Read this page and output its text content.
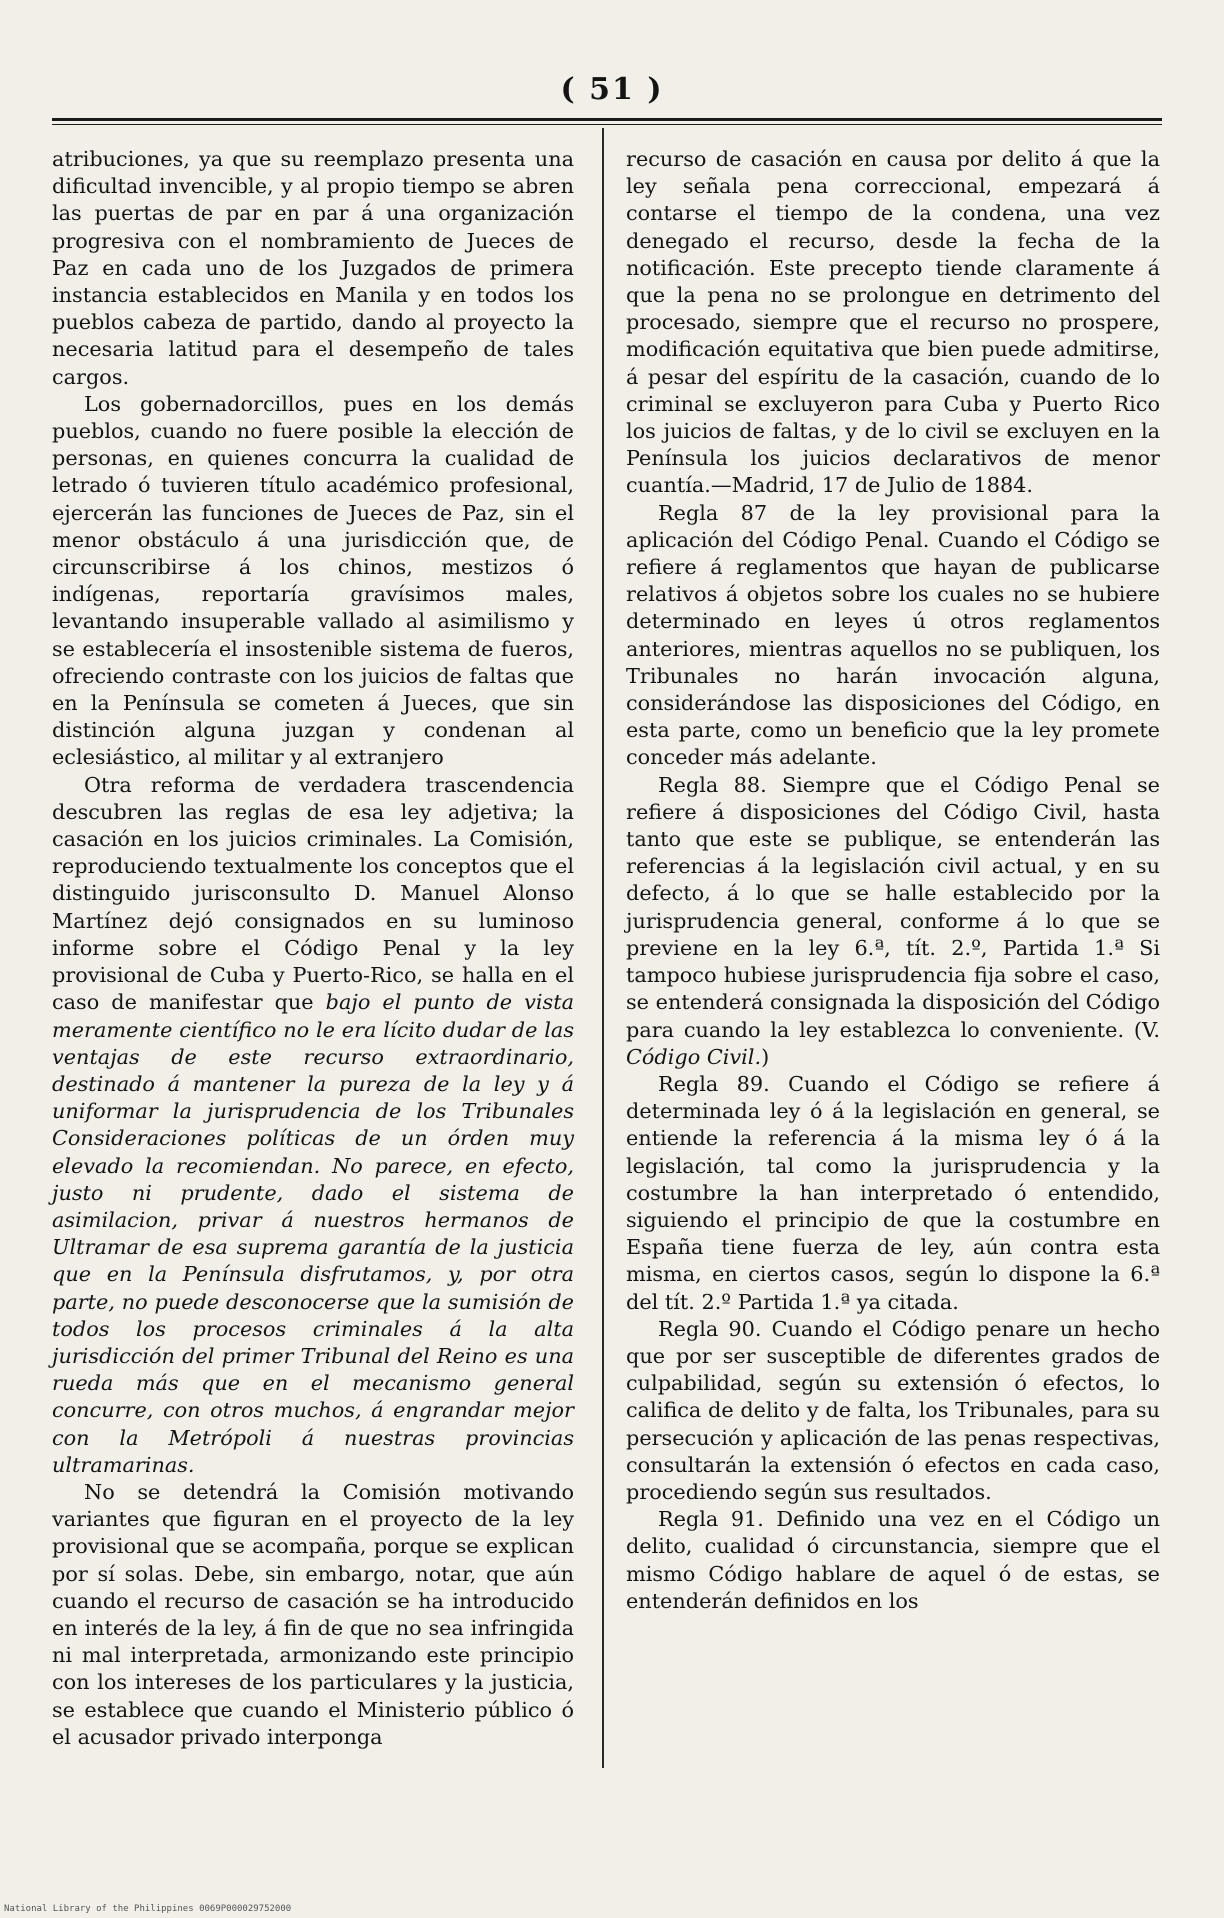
( 51 )

atribuciones, ya que su reemplazo presenta una dificultad invencible, y al propio tiempo se abren las puertas de par en par á una organización progresiva con el nombramiento de Jueces de Paz en cada uno de los Juzgados de primera instancia establecidos en Manila y en todos los pueblos cabeza de partido, dando al proyecto la necesaria latitud para el desempeño de tales cargos.

Los gobernadorcillos, pues en los demás pueblos, cuando no fuere posible la elección de personas, en quienes concurra la cualidad de letrado ó tuvieren título académico profesional, ejercerán las funciones de Jueces de Paz, sin el menor obstáculo á una jurisdicción que, de circunscribirse á los chinos, mestizos ó indígenas, reportaría gravísimos males, levantando insuperable vallado al asimilismo y se establecería el insostenible sistema de fueros, ofreciendo contraste con los juicios de faltas que en la Península se cometen á Jueces, que sin distinción alguna juzgan y condenan al eclesiástico, al militar y al extranjero

Otra reforma de verdadera trascendencia descubren las reglas de esa ley adjetiva; la casación en los juicios criminales. La Comisión, reproduciendo textualmente los conceptos que el distinguido jurisconsulto D. Manuel Alonso Martínez dejó consignados en su luminoso informe sobre el Código Penal y la ley provisional de Cuba y Puerto-Rico, se halla en el caso de manifestar que bajo el punto de vista meramente científico no le era lícito dudar de las ventajas de este recurso extraordinario, destinado á mantener la pureza de la ley y á uniformar la jurisprudencia de los Tribunales Consideraciones políticas de un órden muy elevado la recomiendan. No parece, en efecto, justo ni prudente, dado el sistema de asimilacion, privar á nuestros hermanos de Ultramar de esa suprema garantía de la justicia que en la Península disfrutamos, y, por otra parte, no puede desconocerse que la sumisión de todos los procesos criminales á la alta jurisdicción del primer Tribunal del Reino es una rueda más que en el mecanismo general concurre, con otros muchos, á engrandar mejor con la Metrópoli á nuestras provincias ultramarinas.

No se detendrá la Comisión motivando variantes que figuran en el proyecto de la ley provisional que se acompaña, porque se explican por sí solas. Debe, sin embargo, notar, que aún cuando el recurso de casación se ha introducido en interés de la ley, á fin de que no sea infringida ni mal interpretada, armonizando este principio con los intereses de los particulares y la justicia, se establece que cuando el Ministerio público ó el acusador privado interponga

recurso de casación en causa por delito á que la ley señala pena correccional, empezará á contarse el tiempo de la condena, una vez denegado el recurso, desde la fecha de la notificación. Este precepto tiende claramente á que la pena no se prolongue en detrimento del procesado, siempre que el recurso no prospere, modificación equitativa que bien puede admitirse, á pesar del espíritu de la casación, cuando de lo criminal se excluyeron para Cuba y Puerto Rico los juicios de faltas, y de lo civil se excluyen en la Península los juicios declarativos de menor cuantía.—Madrid, 17 de Julio de 1884.

Regla 87 de la ley provisional para la aplicación del Código Penal. Cuando el Código se refiere á reglamentos que hayan de publicarse relativos á objetos sobre los cuales no se hubiere determinado en leyes ú otros reglamentos anteriores, mientras aquellos no se publiquen, los Tribunales no harán invocación alguna, considerándose las disposiciones del Código, en esta parte, como un beneficio que la ley promete conceder más adelante.

Regla 88. Siempre que el Código Penal se refiere á disposiciones del Código Civil, hasta tanto que este se publique, se entenderán las referencias á la legislación civil actual, y en su defecto, á lo que se halle establecido por la jurisprudencia general, conforme á lo que se previene en la ley 6.ª, tít. 2.º, Partida 1.ª Si tampoco hubiese jurisprudencia fija sobre el caso, se entenderá consignada la disposición del Código para cuando la ley establezca lo conveniente. (V. Código Civil.)

Regla 89. Cuando el Código se refiere á determinada ley ó á la legislación en general, se entiende la referencia á la misma ley ó á la legislación, tal como la jurisprudencia y la costumbre la han interpretado ó entendido, siguiendo el principio de que la costumbre en España tiene fuerza de ley, aún contra esta misma, en ciertos casos, según lo dispone la 6.ª del tít. 2.º Partida 1.ª ya citada.

Regla 90. Cuando el Código penare un hecho que por ser susceptible de diferentes grados de culpabilidad, según su extensión ó efectos, lo califica de delito y de falta, los Tribunales, para su persecución y aplicación de las penas respectivas, consultarán la extensión ó efectos en cada caso, procediendo según sus resultados.

Regla 91. Definido una vez en el Código un delito, cualidad ó circunstancia, siempre que el mismo Código hablare de aquel ó de estas, se entenderán definidos en los

National Library of the Philippines 0069P000029752000
